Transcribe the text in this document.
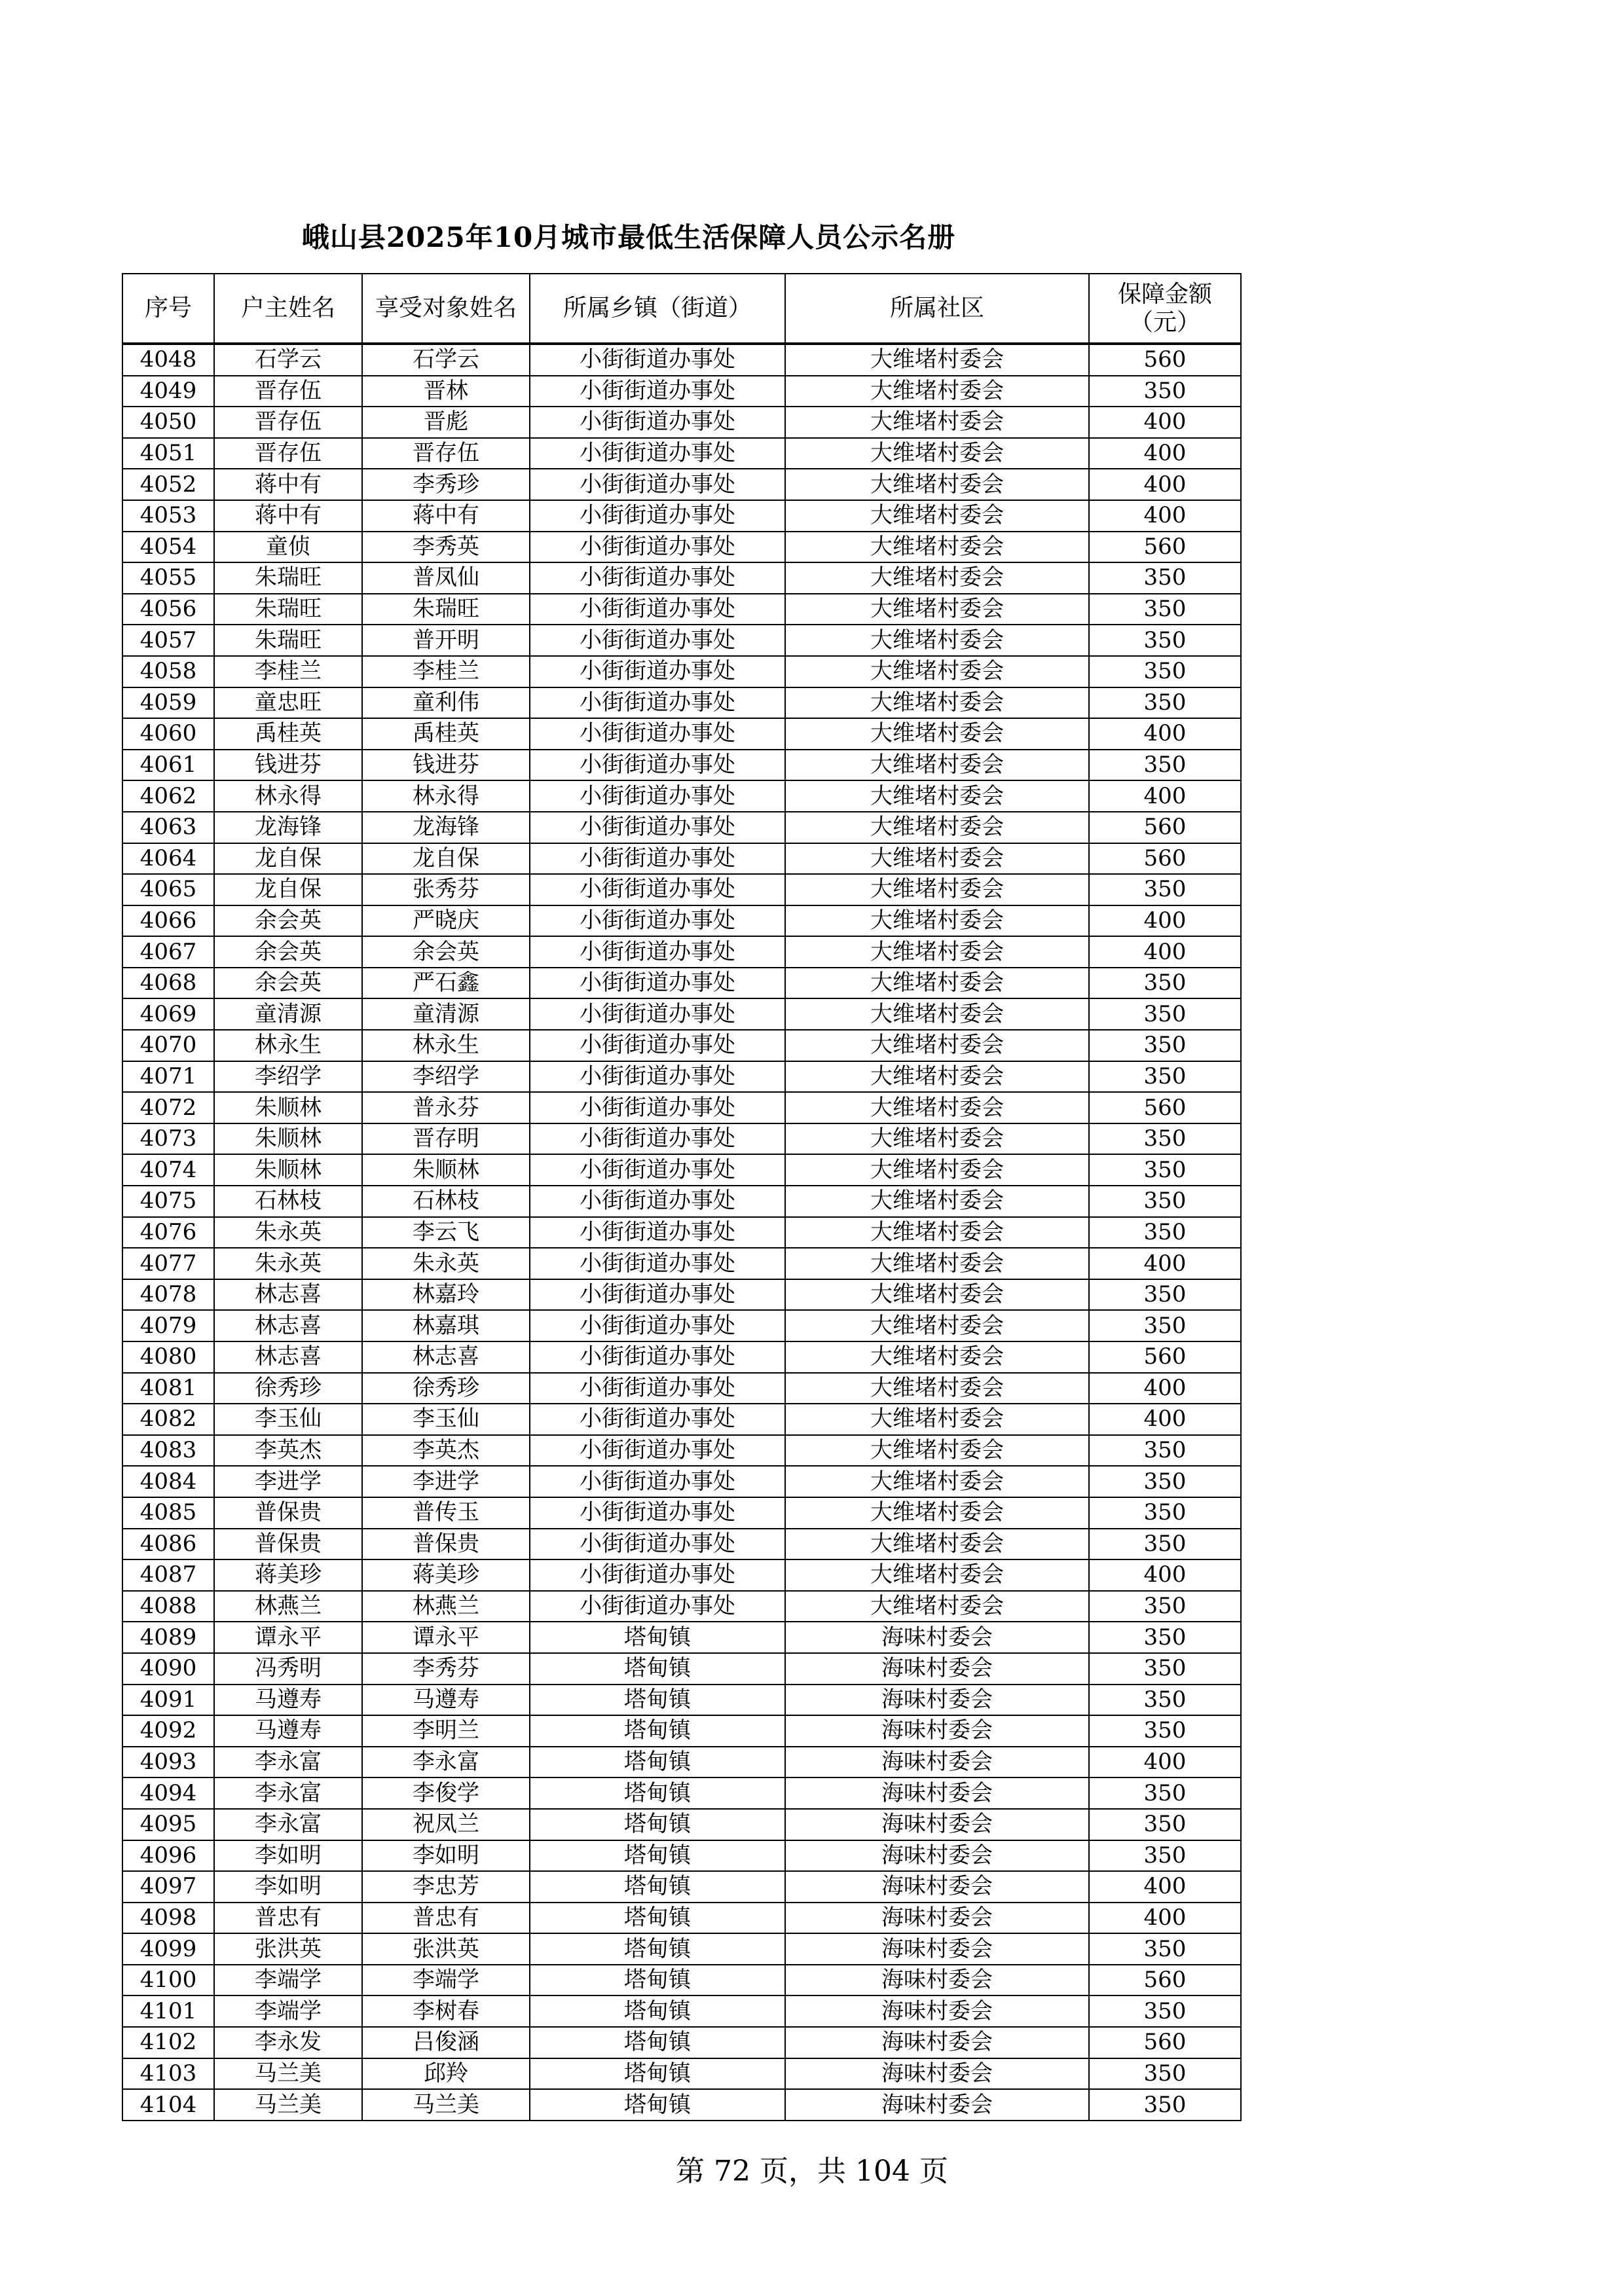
峨山县2025年10月城市最低生活保障人员公示名册
序号	户主姓名	享受对象姓名	所属乡镇（街道）	所属社区	保障金额（元）
4048	石学云	石学云	小街街道办事处	大维堵村委会	560
4049	晋存伍	晋林	小街街道办事处	大维堵村委会	350
4050	晋存伍	晋彪	小街街道办事处	大维堵村委会	400
4051	晋存伍	晋存伍	小街街道办事处	大维堵村委会	400
4052	蒋中有	李秀珍	小街街道办事处	大维堵村委会	400
4053	蒋中有	蒋中有	小街街道办事处	大维堵村委会	400
4054	童侦	李秀英	小街街道办事处	大维堵村委会	560
4055	朱瑞旺	普凤仙	小街街道办事处	大维堵村委会	350
4056	朱瑞旺	朱瑞旺	小街街道办事处	大维堵村委会	350
4057	朱瑞旺	普开明	小街街道办事处	大维堵村委会	350
4058	李桂兰	李桂兰	小街街道办事处	大维堵村委会	350
4059	童忠旺	童利伟	小街街道办事处	大维堵村委会	350
4060	禹桂英	禹桂英	小街街道办事处	大维堵村委会	400
4061	钱进芬	钱进芬	小街街道办事处	大维堵村委会	350
4062	林永得	林永得	小街街道办事处	大维堵村委会	400
4063	龙海锋	龙海锋	小街街道办事处	大维堵村委会	560
4064	龙自保	龙自保	小街街道办事处	大维堵村委会	560
4065	龙自保	张秀芬	小街街道办事处	大维堵村委会	350
4066	余会英	严晓庆	小街街道办事处	大维堵村委会	400
4067	余会英	余会英	小街街道办事处	大维堵村委会	400
4068	余会英	严石鑫	小街街道办事处	大维堵村委会	350
4069	童清源	童清源	小街街道办事处	大维堵村委会	350
4070	林永生	林永生	小街街道办事处	大维堵村委会	350
4071	李绍学	李绍学	小街街道办事处	大维堵村委会	350
4072	朱顺林	普永芬	小街街道办事处	大维堵村委会	560
4073	朱顺林	晋存明	小街街道办事处	大维堵村委会	350
4074	朱顺林	朱顺林	小街街道办事处	大维堵村委会	350
4075	石林枝	石林枝	小街街道办事处	大维堵村委会	350
4076	朱永英	李云飞	小街街道办事处	大维堵村委会	350
4077	朱永英	朱永英	小街街道办事处	大维堵村委会	400
4078	林志喜	林嘉玲	小街街道办事处	大维堵村委会	350
4079	林志喜	林嘉琪	小街街道办事处	大维堵村委会	350
4080	林志喜	林志喜	小街街道办事处	大维堵村委会	560
4081	徐秀珍	徐秀珍	小街街道办事处	大维堵村委会	400
4082	李玉仙	李玉仙	小街街道办事处	大维堵村委会	400
4083	李英杰	李英杰	小街街道办事处	大维堵村委会	350
4084	李进学	李进学	小街街道办事处	大维堵村委会	350
4085	普保贵	普传玉	小街街道办事处	大维堵村委会	350
4086	普保贵	普保贵	小街街道办事处	大维堵村委会	350
4087	蒋美珍	蒋美珍	小街街道办事处	大维堵村委会	400
4088	林燕兰	林燕兰	小街街道办事处	大维堵村委会	350
4089	谭永平	谭永平	塔甸镇	海味村委会	350
4090	冯秀明	李秀芬	塔甸镇	海味村委会	350
4091	马遵寿	马遵寿	塔甸镇	海味村委会	350
4092	马遵寿	李明兰	塔甸镇	海味村委会	350
4093	李永富	李永富	塔甸镇	海味村委会	400
4094	李永富	李俊学	塔甸镇	海味村委会	350
4095	李永富	祝凤兰	塔甸镇	海味村委会	350
4096	李如明	李如明	塔甸镇	海味村委会	350
4097	李如明	李忠芳	塔甸镇	海味村委会	400
4098	普忠有	普忠有	塔甸镇	海味村委会	400
4099	张洪英	张洪英	塔甸镇	海味村委会	350
4100	李端学	李端学	塔甸镇	海味村委会	560
4101	李端学	李树春	塔甸镇	海味村委会	350
4102	李永发	吕俊涵	塔甸镇	海味村委会	560
4103	马兰美	邱羚	塔甸镇	海味村委会	350
4104	马兰美	马兰美	塔甸镇	海味村委会	350
第 72 页，共 104 页
